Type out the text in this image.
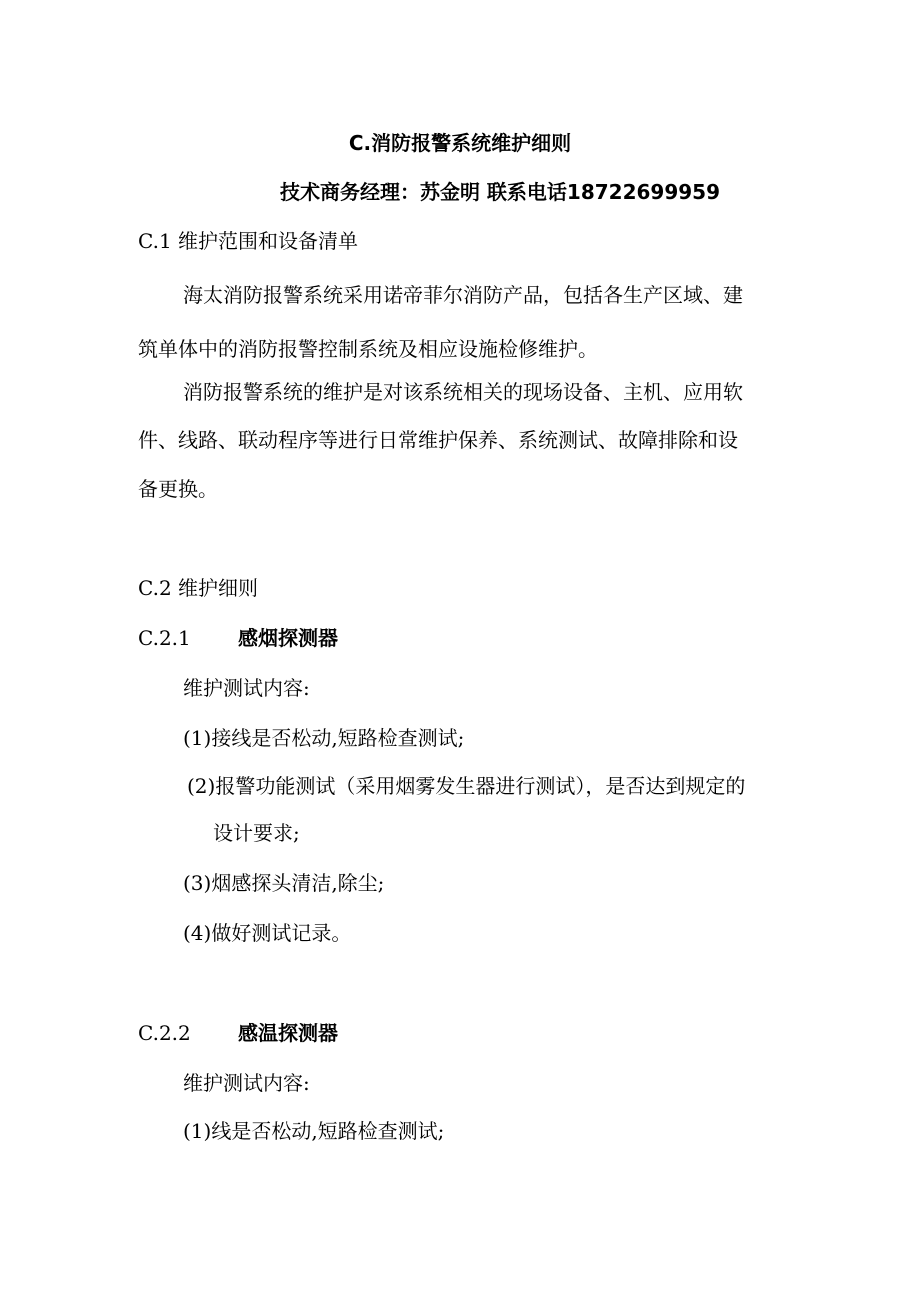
C.消防报警系统维护细则
技术商务经理：苏金明 联系电话18722699959
C.1 维护范围和设备清单
海太消防报警系统采用诺帝菲尔消防产品，包括各生产区域、建
筑单体中的消防报警控制系统及相应设施检修维护。
消防报警系统的维护是对该系统相关的现场设备、主机、应用软
件、线路、联动程序等进行日常维护保养、系统测试、故障排除和设
备更换。
C.2 维护细则
C.2.1 感烟探测器
维护测试内容:
(1)接线是否松动,短路检查测试;
(2)报警功能测试（采用烟雾发生器进行测试），是否达到规定的
设计要求;
(3)烟感探头清洁,除尘;
(4)做好测试记录。
C.2.2 感温探测器
维护测试内容:
(1)线是否松动,短路检查测试;
